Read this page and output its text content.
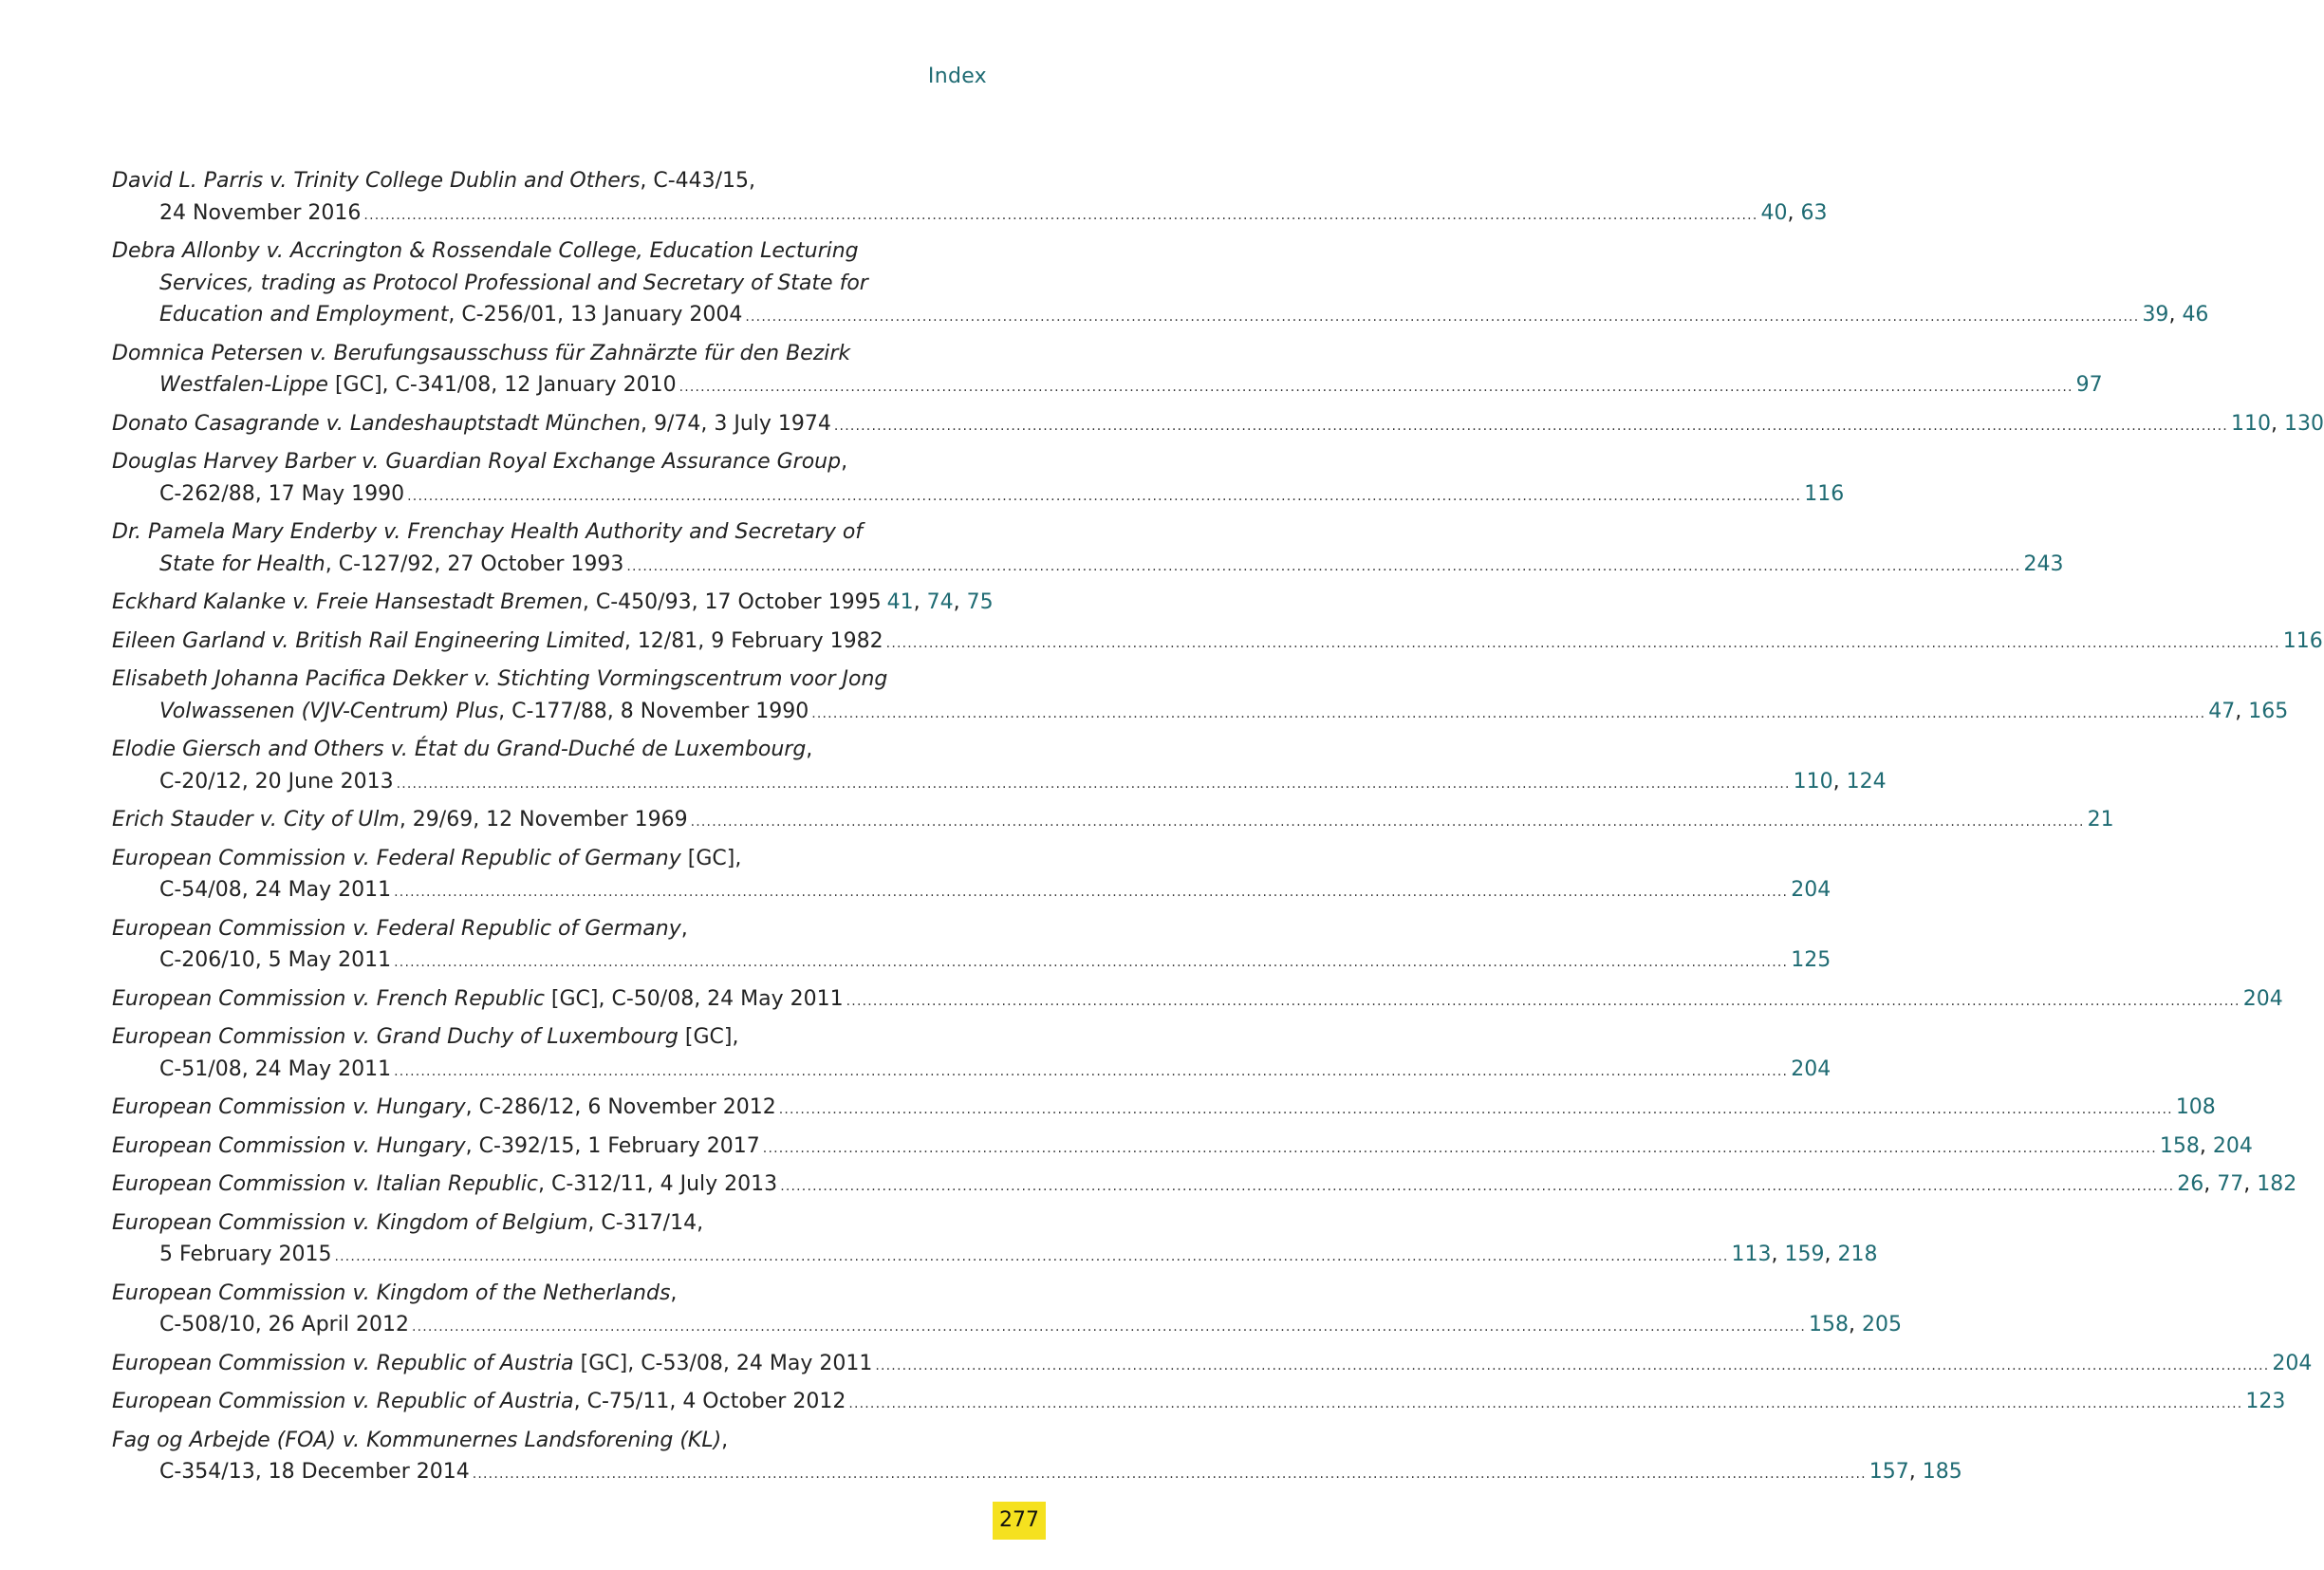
Index
David L. Parris v. Trinity College Dublin and Others, C-443/15,
24 November 2016 .................................................................................................................................................................................................................................................................... 40, 63
Debra Allonby v. Accrington & Rossendale College, Education Lecturing
Services, trading as Protocol Professional and Secretary of State for
Education and Employment, C-256/01, 13 January 2004 .................................................................................................................................................................................................................................................................... 39, 46
Domnica Petersen v. Berufungsausschuss für Zahnärzte für den Bezirk
Westfalen-Lippe [GC], C-341/08, 12 January 2010 .................................................................................................................................................................................................................................................................... 97
Donato Casagrande v. Landeshauptstadt München, 9/74, 3 July 1974 .................................................................................................................................................................................................................................................................... 110, 130
Douglas Harvey Barber v. Guardian Royal Exchange Assurance Group,
C-262/88, 17 May 1990 .................................................................................................................................................................................................................................................................... 116
Dr. Pamela Mary Enderby v. Frenchay Health Authority and Secretary of
State for Health, C-127/92, 27 October 1993 .................................................................................................................................................................................................................................................................... 243
Eckhard Kalanke v. Freie Hansestadt Bremen, C-450/93, 17 October 1995 41, 74, 75
Eileen Garland v. British Rail Engineering Limited, 12/81, 9 February 1982 .................................................................................................................................................................................................................................................................... 116
Elisabeth Johanna Pacifica Dekker v. Stichting Vormingscentrum voor Jong
Volwassenen (VJV-Centrum) Plus, C-177/88, 8 November 1990 .................................................................................................................................................................................................................................................................... 47, 165
Elodie Giersch and Others v. État du Grand-Duché de Luxembourg,
C-20/12, 20 June 2013 .................................................................................................................................................................................................................................................................... 110, 124
Erich Stauder v. City of Ulm, 29/69, 12 November 1969 .................................................................................................................................................................................................................................................................... 21
European Commission v. Federal Republic of Germany [GC],
C-54/08, 24 May 2011 .................................................................................................................................................................................................................................................................... 204
European Commission v. Federal Republic of Germany,
C-206/10, 5 May 2011 .................................................................................................................................................................................................................................................................... 125
European Commission v. French Republic [GC], C-50/08, 24 May 2011 .................................................................................................................................................................................................................................................................... 204
European Commission v. Grand Duchy of Luxembourg [GC],
C-51/08, 24 May 2011 .................................................................................................................................................................................................................................................................... 204
European Commission v. Hungary, C-286/12, 6 November 2012 .................................................................................................................................................................................................................................................................... 108
European Commission v. Hungary, C-392/15, 1 February 2017 .................................................................................................................................................................................................................................................................... 158, 204
European Commission v. Italian Republic, C-312/11, 4 July 2013 .................................................................................................................................................................................................................................................................... 26, 77, 182
European Commission v. Kingdom of Belgium, C-317/14,
5 February 2015 .................................................................................................................................................................................................................................................................... 113, 159, 218
European Commission v. Kingdom of the Netherlands,
C-508/10, 26 April 2012 .................................................................................................................................................................................................................................................................... 158, 205
European Commission v. Republic of Austria [GC], C-53/08, 24 May 2011 .................................................................................................................................................................................................................................................................... 204
European Commission v. Republic of Austria, C-75/11, 4 October 2012 .................................................................................................................................................................................................................................................................... 123
Fag og Arbejde (FOA) v. Kommunernes Landsforening (KL),
C-354/13, 18 December 2014 .................................................................................................................................................................................................................................................................... 157, 185
277
